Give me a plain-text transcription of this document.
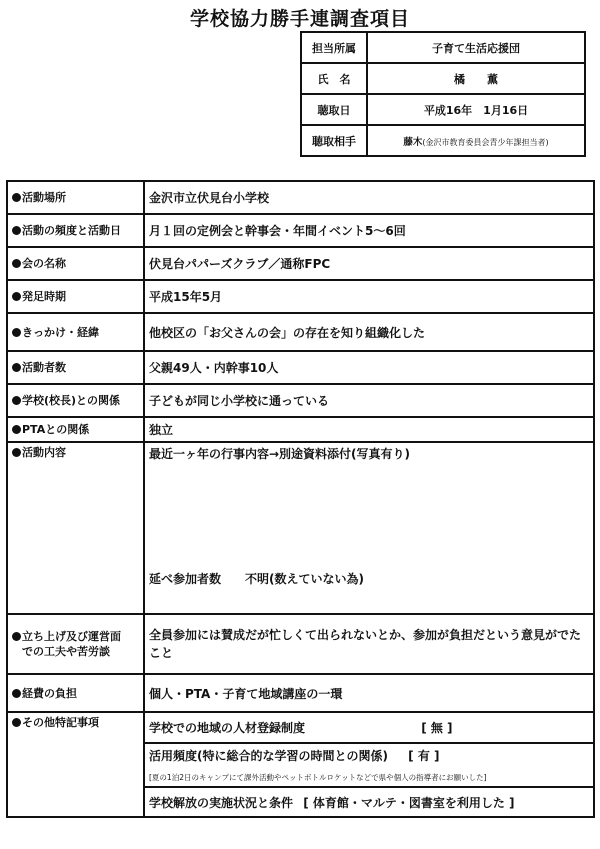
学校協力勝手連調査項目
担当所属	子育て生活応援団
氏　名	橘　　薫
聴取日	平成16年　1月16日
聴取相手	藤木(金沢市教育委員会青少年課担当者)
活動場所	金沢市立伏見台小学校
活動の頻度と活動日	月１回の定例会と幹事会・年間イベント5～6回
会の名称	伏見台パパーズクラブ／通称FPC
発足時期	平成15年5月
きっかけ・経緯	他校区の「お父さんの会」の存在を知り組織化した
活動者数	父親49人・内幹事10人
学校(校長)との関係	子どもが同じ小学校に通っている
PTAとの関係	独立
活動内容	最近一ヶ年の行事内容→別途資料添付(写真有り)
延べ参加者数　　不明(数えていない為)
立ち上げ及び運営面
での工夫や苦労談	全員参加には賛成だが忙しくて出られないとか、参加が負担だという意見がでたこと
経費の負担	個人・PTA・子育て地域講座の一環
その他特記事項	学校での地域の人材登録制度 [ 無 ]

	活用頻度(特に総合的な学習の時間との関係) [ 有 ]
[夏の1泊2日のキャンプにて課外活動やペットボトルロケットなどで県や個人の指導者にお願いした]

	学校解放の実施状況と条件 [ 体育館・マルテ・図書室を利用した ]
